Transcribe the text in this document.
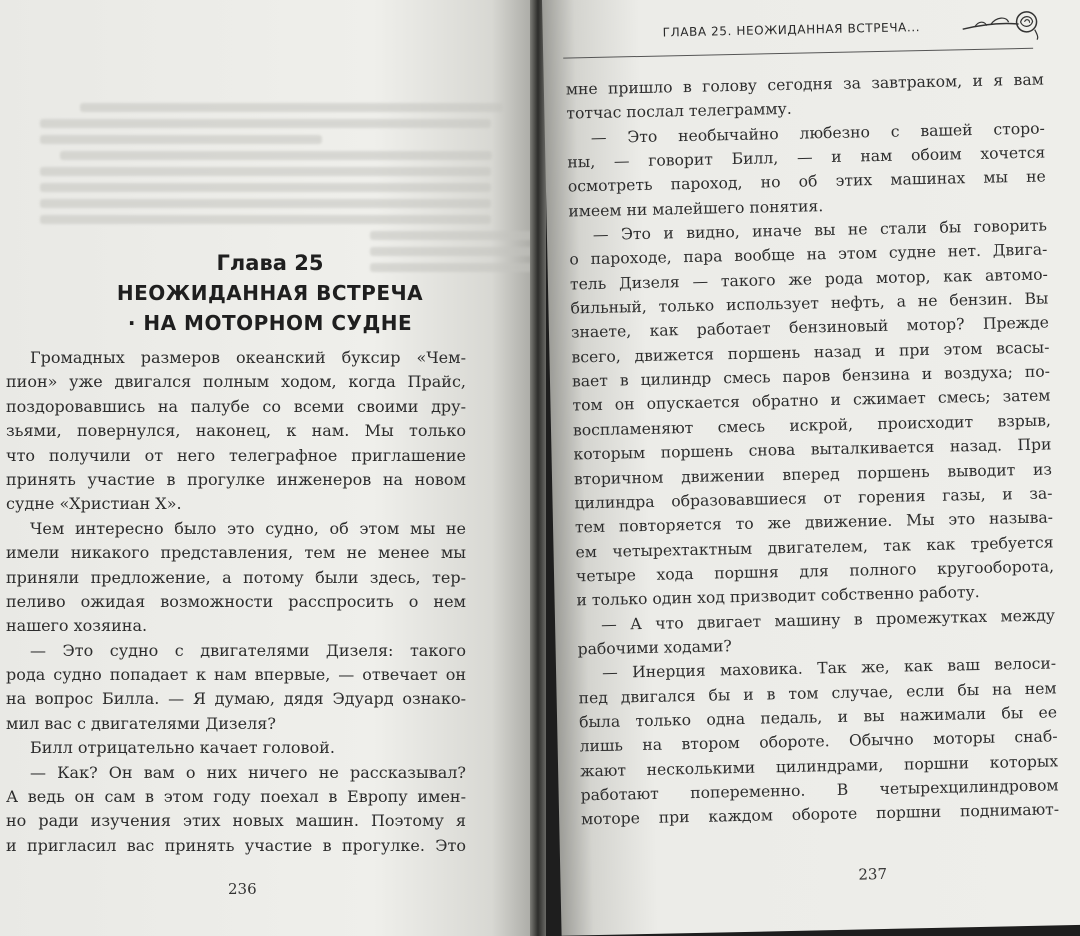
Глава 25
НЕОЖИДАННАЯ ВСТРЕЧА
· НА МОТОРНОМ СУДНЕ
Громадных размеров океанский буксир «Чем-
пион» уже двигался полным ходом, когда Прайс,
поздоровавшись на палубе со всеми своими дру-
зьями, повернулся, наконец, к нам. Мы только
что получили от него телеграфное приглашение
принять участие в прогулке инженеров на новом
судне «Христиан Х».
Чем интересно было это судно, об этом мы не
имели никакого представления, тем не менее мы
приняли предложение, а потому были здесь, тер-
пеливо ожидая возможности расспросить о нем
нашего хозяина.
— Это судно с двигателями Дизеля: такого
рода судно попадает к нам впервые, — отвечает он
на вопрос Билла. — Я думаю, дядя Эдуард ознако-
мил вас с двигателями Дизеля?
Билл отрицательно качает головой.
— Как? Он вам о них ничего не рассказывал?
А ведь он сам в этом году поехал в Европу имен-
но ради изучения этих новых машин. Поэтому я
и пригласил вас принять участие в прогулке. Это
236
ГЛАВА 25. НЕОЖИДАННАЯ ВСТРЕЧА...
мне пришло в голову сегодня за завтраком, и я вам
тотчас послал телеграмму.
— Это необычайно любезно с вашей сторо-
ны, — говорит Билл, — и нам обоим хочется
осмотреть пароход, но об этих машинах мы не
имеем ни малейшего понятия.
— Это и видно, иначе вы не стали бы говорить
о пароходе, пара вообще на этом судне нет. Двига-
тель Дизеля — такого же рода мотор, как автомо-
бильный, только использует нефть, а не бензин. Вы
знаете, как работает бензиновый мотор? Прежде
всего, движется поршень назад и при этом всасы-
вает в цилиндр смесь паров бензина и воздуха; по-
том он опускается обратно и сжимает смесь; затем
воспламеняют смесь искрой, происходит взрыв,
которым поршень снова выталкивается назад. При
вторичном движении вперед поршень выводит из
цилиндра образовавшиеся от горения газы, и за-
тем повторяется то же движение. Мы это называ-
ем четырехтактным двигателем, так как требуется
четыре хода поршня для полного кругооборота,
и только один ход призводит собственно работу.
— А что двигает машину в промежутках между
рабочими ходами?
— Инерция маховика. Так же, как ваш велоси-
пед двигался бы и в том случае, если бы на нем
была только одна педаль, и вы нажимали бы ее
лишь на втором обороте. Обычно моторы снаб-
жают несколькими цилиндрами, поршни которых
работают попеременно. В четырехцилиндровом
моторе при каждом обороте поршни поднимают-
237
